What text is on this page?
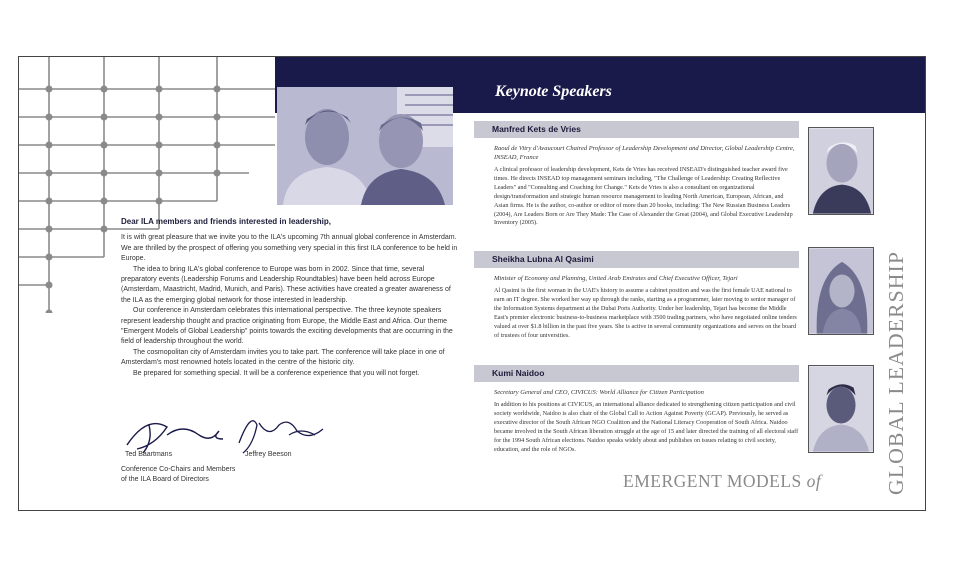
Dear ILA members and friends interested in leadership,

It is with great pleasure that we invite you to the ILA's upcoming 7th annual global conference in Amsterdam. We are thrilled by the prospect of offering you something very special in this first ILA conference to be held in Europe.

The idea to bring ILA's global conference to Europe was born in 2002. Since that time, several preparatory events (Leadership Forums and Leadership Roundtables) have been held across Europe (Amsterdam, Maastricht, Madrid, Munich, and Paris). These activities have created a greater awareness of the ILA as the emerging global network for those interested in leadership.

Our conference in Amsterdam celebrates this international perspective. The three keynote speakers represent leadership thought and practice originating from Europe, the Middle East and Africa. Our theme "Emergent Models of Global Leadership" points towards the exciting developments that are occurring in the field of leadership throughout the world.

The cosmopolitan city of Amsterdam invites you to take part. The conference will take place in one of Amsterdam's most renowned hotels located in the centre of the historic city.

Be prepared for something special. It will be a conference experience that you will not forget.

Ted Baartmans	Jeffrey Beeson
Conference Co-Chairs and Members
of the ILA Board of Directors
Keynote Speakers
Manfred Kets de Vries
Raoul de Vitry d'Avaucourt Chaired Professor of Leadership Development and Director, Global Leadership Centre, INSEAD, France
A clinical professor of leadership development, Kets de Vries has received INSEAD's distinguished teacher award five times. He directs INSEAD top management seminars including, "The Challenge of Leadership: Creating Reflective Leaders" and "Consulting and Coaching for Change." Kets de Vries is also a consultant on organizational design/transformation and strategic human resource management to leading North American, European, African, and Asian firms. He is the author, co-author or editor of more than 20 books, including: The New Russian Business Leaders (2004), Are Leaders Born or Are They Made: The Case of Alexander the Great (2004), and Global Executive Leadership Inventory (2005).
Sheikha Lubna Al Qasimi
Minister of Economy and Planning, United Arab Emirates and Chief Executive Officer, Tejari
Al Qasimi is the first woman in the UAE's history to assume a cabinet position and was the first female UAE national to earn an IT degree. She worked her way up through the ranks, starting as a programmer, later moving to senior manager of the Information Systems department at the Dubai Ports Authority. Under her leadership, Tejari has become the Middle East's premier electronic business-to-business marketplace with 3500 trading partners, who have negotiated online tenders valued at over $1.8 billion in the past five years. She is active in several community organizations and serves on the board of trustees of four universities.
Kumi Naidoo
Secretary General and CEO, CIVICUS: World Alliance for Citizen Participation
In addition to his positions at CIVICUS, an international alliance dedicated to strengthening citizen participation and civil society worldwide, Naidoo is also chair of the Global Call to Action Against Poverty (GCAP). Previously, he served as executive director of the South African NGO Coalition and the National Literacy Cooperation of South Africa. Naidoo became involved in the South African liberation struggle at the age of 15 and later directed the training of all electoral staff for the 1994 South African elections. Naidoo speaks widely about and publishes on issues relating to civil society, education, and the role of NGOs.
EMERGENT MODELS of	GLOBAL LEADERSHIP
